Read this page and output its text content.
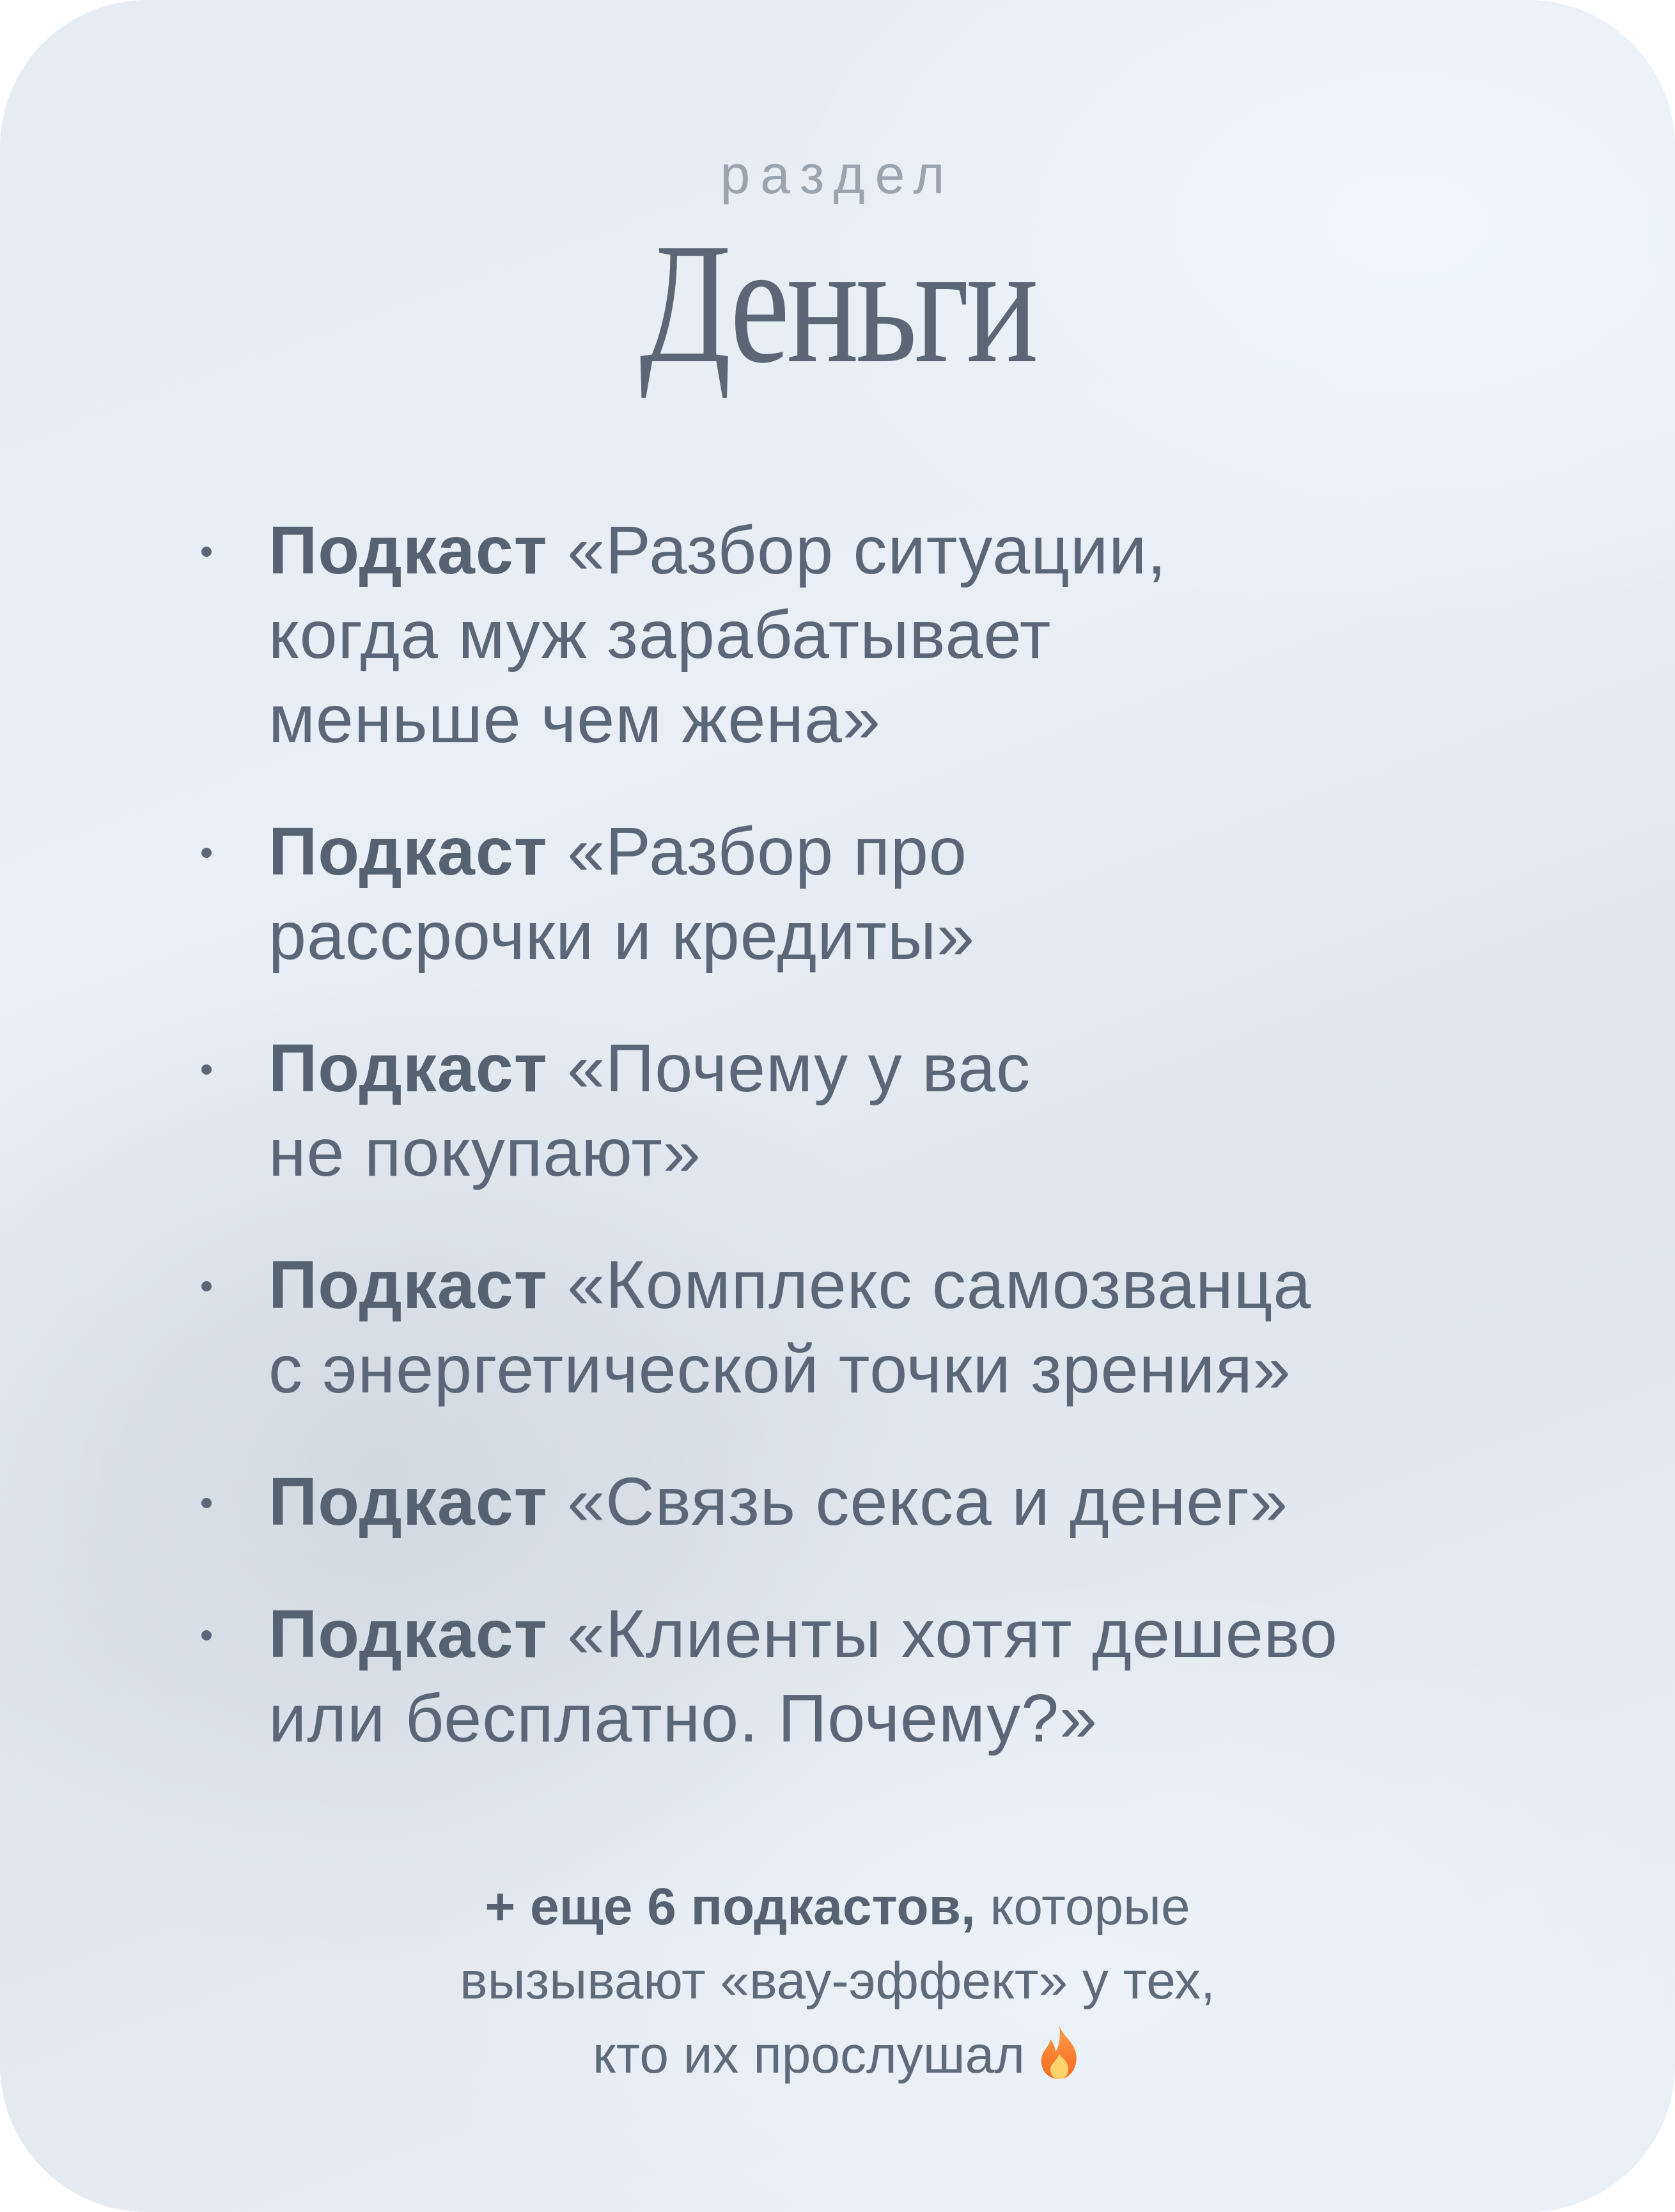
раздел
Деньги
Подкаст «Разбор ситуации,
когда муж зарабатывает
меньше чем жена»
Подкаст «Разбор про
рассрочки и кредиты»
Подкаст «Почему у вас
не покупают»
Подкаст «Комплекс самозванца
с энергетической точки зрения»
Подкаст «Связь секса и денег»
Подкаст «Клиенты хотят дешево
или бесплатно. Почему?»
+ еще 6 подкастов, которые
вызывают «вау-эффект» у тех,
кто их прослушал
